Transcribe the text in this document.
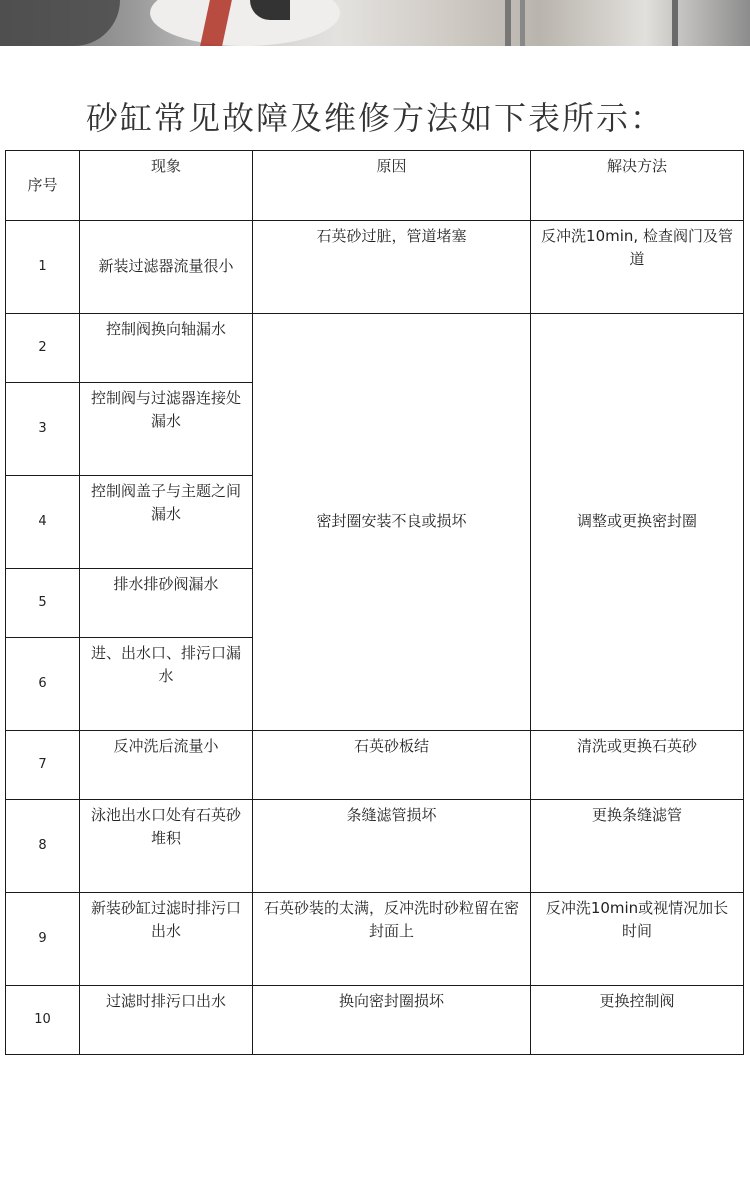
砂缸常见故障及维修方法如下表所示：
序号	现象	原因	解决方法
1	新装过滤器流量很小	石英砂过脏，管道堵塞	反冲洗10min, 检查阀门及管道
2	控制阀换向轴漏水	密封圈安装不良或损坏	调整或更换密封圈
3	控制阀与过滤器连接处漏水		
4	控制阀盖子与主题之间漏水		
5	排水排砂阀漏水		
6	进、出水口、排污口漏水		
7	反冲洗后流量小	石英砂板结	清洗或更换石英砂
8	泳池出水口处有石英砂堆积	条缝滤管损坏	更换条缝滤管
9	新装砂缸过滤时排污口出水	石英砂装的太满，反冲洗时砂粒留在密封面上	反冲洗10min或视情况加长时间
10	过滤时排污口出水	换向密封圈损坏	更换控制阀
